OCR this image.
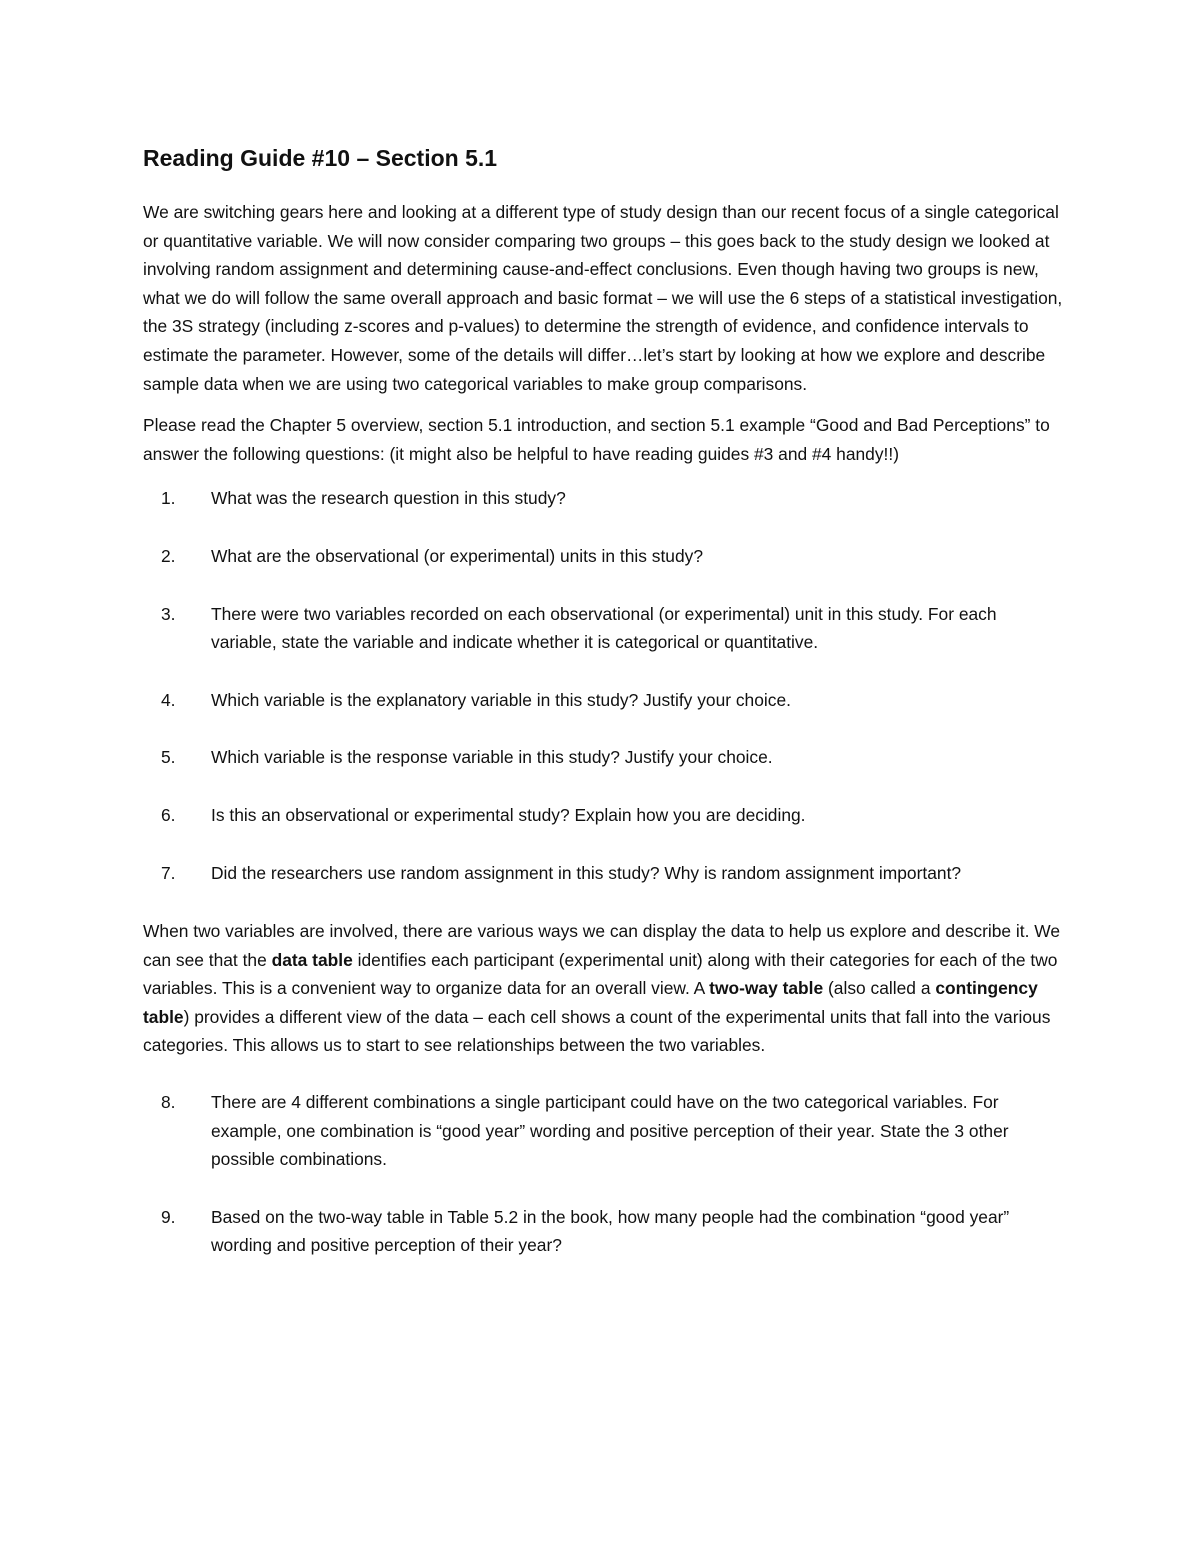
Reading Guide #10 – Section 5.1

We are switching gears here and looking at a different type of study design than our recent focus of a single categorical or quantitative variable. We will now consider comparing two groups – this goes back to the study design we looked at involving random assignment and determining cause-and-effect conclusions. Even though having two groups is new, what we do will follow the same overall approach and basic format – we will use the 6 steps of a statistical investigation, the 3S strategy (including z-scores and p-values) to determine the strength of evidence, and confidence intervals to estimate the parameter. However, some of the details will differ…let’s start by looking at how we explore and describe sample data when we are using two categorical variables to make group comparisons.

Please read the Chapter 5 overview, section 5.1 introduction, and section 5.1 example “Good and Bad Perceptions” to answer the following questions: (it might also be helpful to have reading guides #3 and #4 handy!!)

1. What was the research question in this study?
2. What are the observational (or experimental) units in this study?
3. There were two variables recorded on each observational (or experimental) unit in this study. For each variable, state the variable and indicate whether it is categorical or quantitative.
4. Which variable is the explanatory variable in this study? Justify your choice.
5. Which variable is the response variable in this study? Justify your choice.
6. Is this an observational or experimental study? Explain how you are deciding.
7. Did the researchers use random assignment in this study? Why is random assignment important?

When two variables are involved, there are various ways we can display the data to help us explore and describe it. We can see that the data table identifies each participant (experimental unit) along with their categories for each of the two variables. This is a convenient way to organize data for an overall view. A two-way table (also called a contingency table) provides a different view of the data – each cell shows a count of the experimental units that fall into the various categories. This allows us to start to see relationships between the two variables.

8. There are 4 different combinations a single participant could have on the two categorical variables. For example, one combination is “good year” wording and positive perception of their year. State the 3 other possible combinations.
9. Based on the two-way table in Table 5.2 in the book, how many people had the combination “good year” wording and positive perception of their year?
